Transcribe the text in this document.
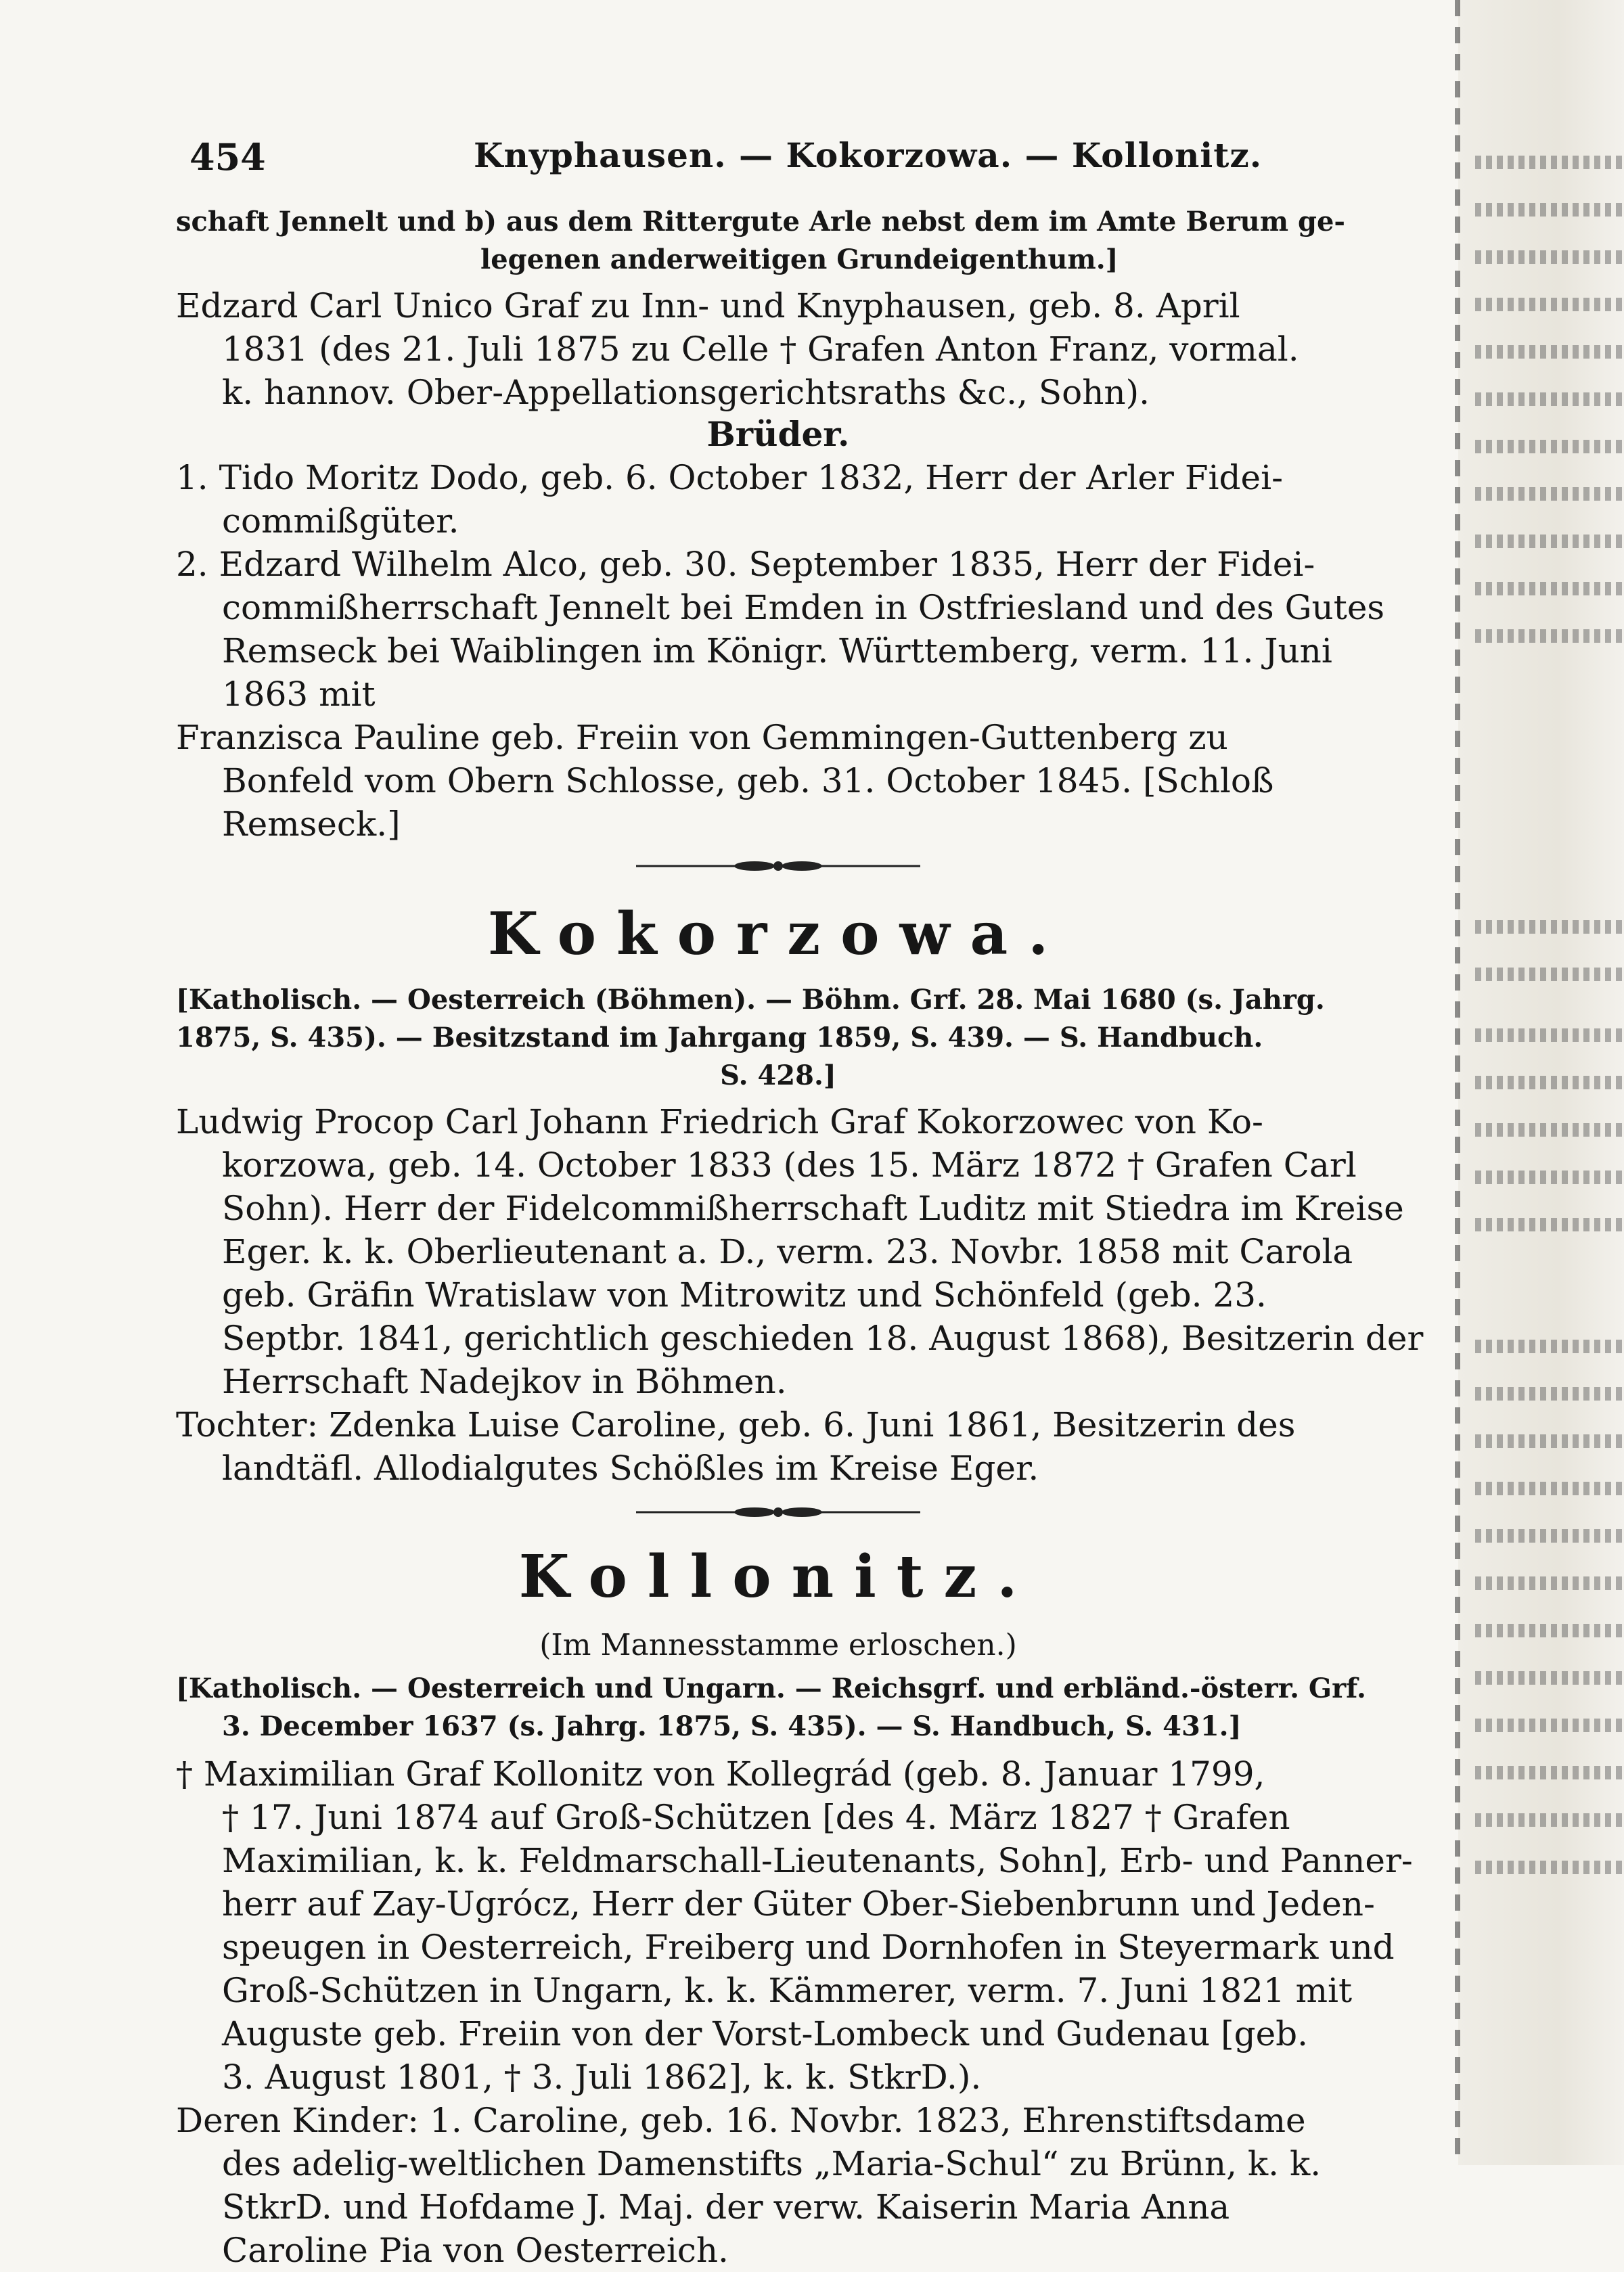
454	Knyphausen. — Kokorzowa. — Kollonitz.
schaft Jennelt und b) aus dem Rittergute Arle nebst dem im Amte Berum ge-
legenen anderweitigen Grundeigenthum.]
Edzard Carl Unico Graf zu Inn- und Knyphausen, geb. 8. April
1831 (des 21. Juli 1875 zu Celle † Grafen Anton Franz, vormal.
k. hannov. Ober-Appellationsgerichtsraths &c., Sohn).
Brüder.
1. Tido Moritz Dodo, geb. 6. October 1832, Herr der Arler Fidei-
commißgüter.
2. Edzard Wilhelm Alco, geb. 30. September 1835, Herr der Fidei-
commißherrschaft Jennelt bei Emden in Ostfriesland und des Gutes
Remseck bei Waiblingen im Königr. Württemberg, verm. 11. Juni
1863 mit
Franzisca Pauline geb. Freiin von Gemmingen-Guttenberg zu
Bonfeld vom Obern Schlosse, geb. 31. October 1845. [Schloß
Remseck.]
Kokorzowa.
[Katholisch. — Oesterreich (Böhmen). — Böhm. Grf. 28. Mai 1680 (s. Jahrg.
1875, S. 435). — Besitzstand im Jahrgang 1859, S. 439. — S. Handbuch.
S. 428.]
Ludwig Procop Carl Johann Friedrich Graf Kokorzowec von Ko-
korzowa, geb. 14. October 1833 (des 15. März 1872 † Grafen Carl
Sohn). Herr der Fidelcommißherrschaft Luditz mit Stiedra im Kreise
Eger. k. k. Oberlieutenant a. D., verm. 23. Novbr. 1858 mit Carola
geb. Gräfin Wratislaw von Mitrowitz und Schönfeld (geb. 23.
Septbr. 1841, gerichtlich geschieden 18. August 1868), Besitzerin der
Herrschaft Nadejkov in Böhmen.
Tochter: Zdenka Luise Caroline, geb. 6. Juni 1861, Besitzerin des
landtäfl. Allodialgutes Schößles im Kreise Eger.
Kollonitz.
(Im Mannesstamme erloschen.)
[Katholisch. — Oesterreich und Ungarn. — Reichsgrf. und erbländ.-österr. Grf.
3. December 1637 (s. Jahrg. 1875, S. 435). — S. Handbuch, S. 431.]
† Maximilian Graf Kollonitz von Kollegrád (geb. 8. Januar 1799,
† 17. Juni 1874 auf Groß-Schützen [des 4. März 1827 † Grafen
Maximilian, k. k. Feldmarschall-Lieutenants, Sohn], Erb- und Panner-
herr auf Zay-Ugrócz, Herr der Güter Ober-Siebenbrunn und Jeden-
speugen in Oesterreich, Freiberg und Dornhofen in Steyermark und
Groß-Schützen in Ungarn, k. k. Kämmerer, verm. 7. Juni 1821 mit
Auguste geb. Freiin von der Vorst-Lombeck und Gudenau [geb.
3. August 1801, † 3. Juli 1862], k. k. StkrD.).
Deren Kinder: 1. Caroline, geb. 16. Novbr. 1823, Ehrenstiftsdame
des adelig-weltlichen Damenstifts „Maria-Schul“ zu Brünn, k. k.
StkrD. und Hofdame J. Maj. der verw. Kaiserin Maria Anna
Caroline Pia von Oesterreich.
